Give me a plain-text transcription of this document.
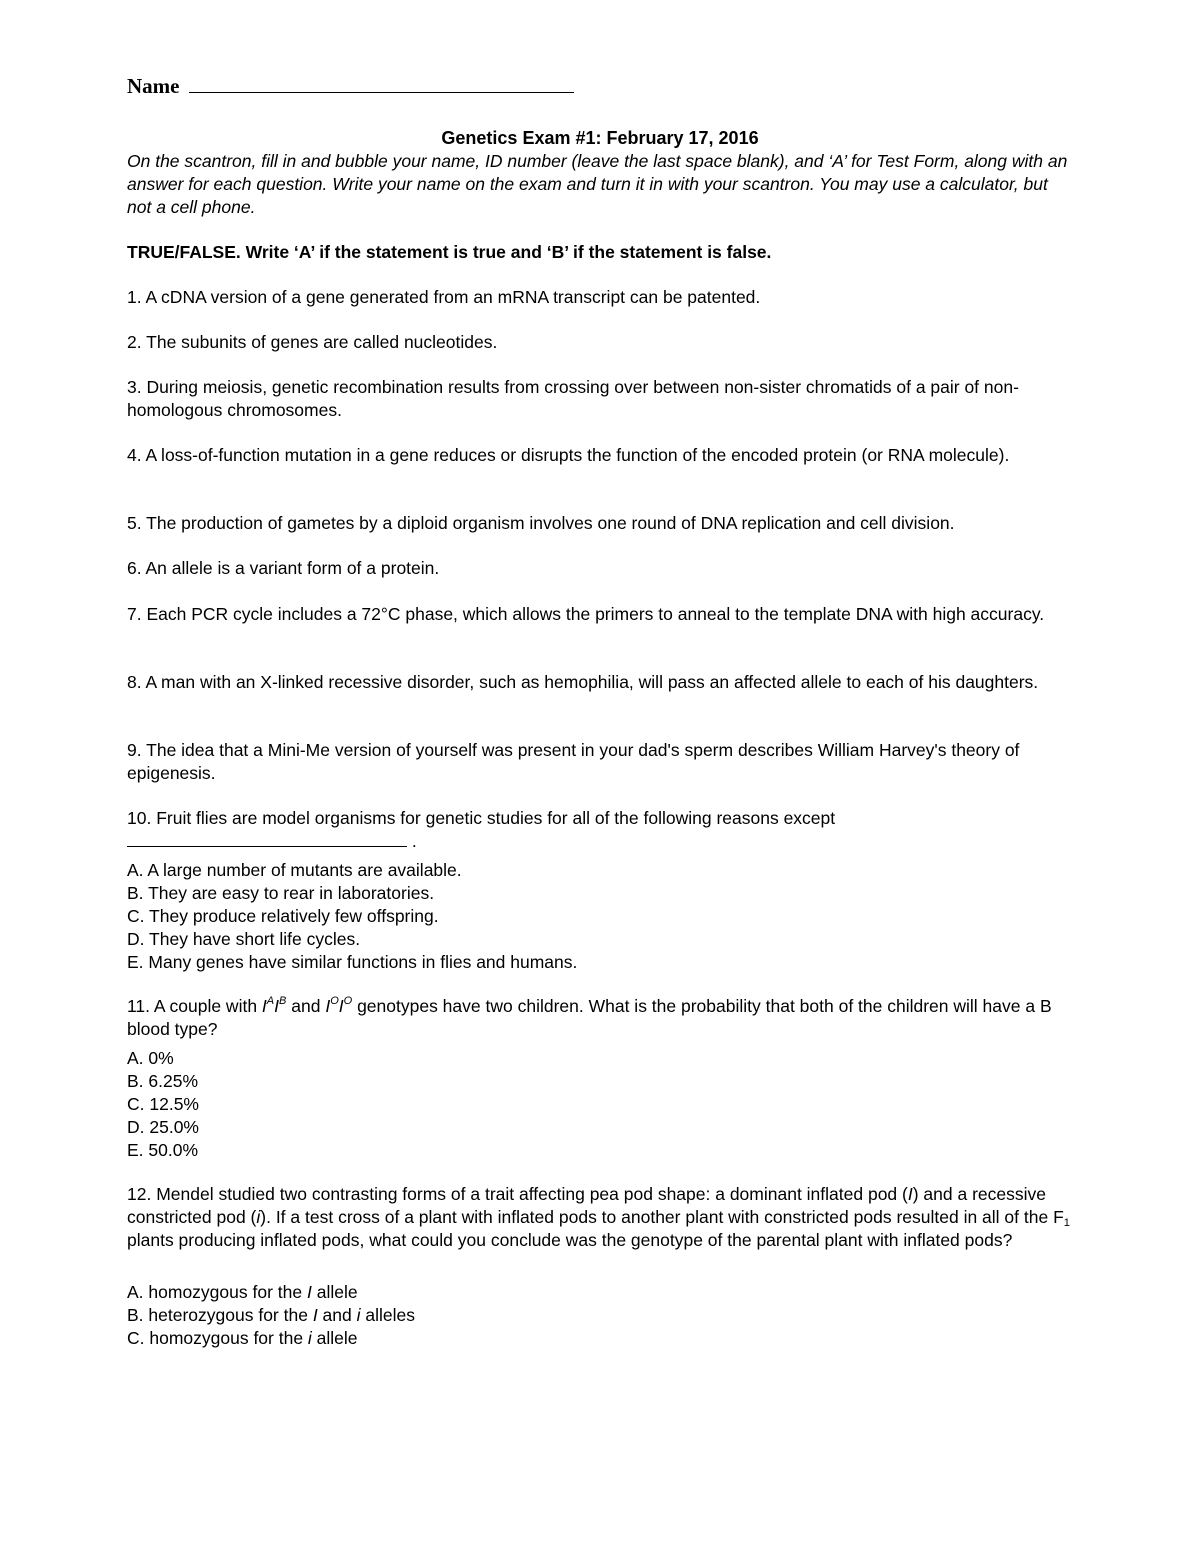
Name
Genetics Exam #1: February 17, 2016
On the scantron, fill in and bubble your name, ID number (leave the last space blank), and ‘A’ for Test Form, along with an answer for each question. Write your name on the exam and turn it in with your scantron. You may use a calculator, but not a cell phone.
TRUE/FALSE. Write ‘A’ if the statement is true and ‘B’ if the statement is false.
1. A cDNA version of a gene generated from an mRNA transcript can be patented.
2. The subunits of genes are called nucleotides.
3. During meiosis, genetic recombination results from crossing over between non-sister chromatids of a pair of non-homologous chromosomes.
4. A loss-of-function mutation in a gene reduces or disrupts the function of the encoded protein (or RNA molecule).
5. The production of gametes by a diploid organism involves one round of DNA replication and cell division.
6. An allele is a variant form of a protein.
7. Each PCR cycle includes a 72°C phase, which allows the primers to anneal to the template DNA with high accuracy.
8. A man with an X-linked recessive disorder, such as hemophilia, will pass an affected allele to each of his daughters.
9. The idea that a Mini-Me version of yourself was present in your dad's sperm describes William Harvey's theory of epigenesis.
10. Fruit flies are model organisms for genetic studies for all of the following reasons except
.
A. A large number of mutants are available.
B. They are easy to rear in laboratories.
C. They produce relatively few offspring.
D. They have short life cycles.
E. Many genes have similar functions in flies and humans.
11. A couple with $I^AI^B$ and $I^OI^O$ genotypes have two children. What is the probability that both of the children will have a B blood type?
A. 0%
B. 6.25%
C. 12.5%
D. 25.0%
E. 50.0%
12. Mendel studied two contrasting forms of a trait affecting pea pod shape: a dominant inflated pod (I) and a recessive constricted pod (i). If a test cross of a plant with inflated pods to another plant with constricted pods resulted in all of the $F_1$ plants producing inflated pods, what could you conclude was the genotype of the parental plant with inflated pods?
A. homozygous for the I allele
B. heterozygous for the I and i alleles
C. homozygous for the i allele
